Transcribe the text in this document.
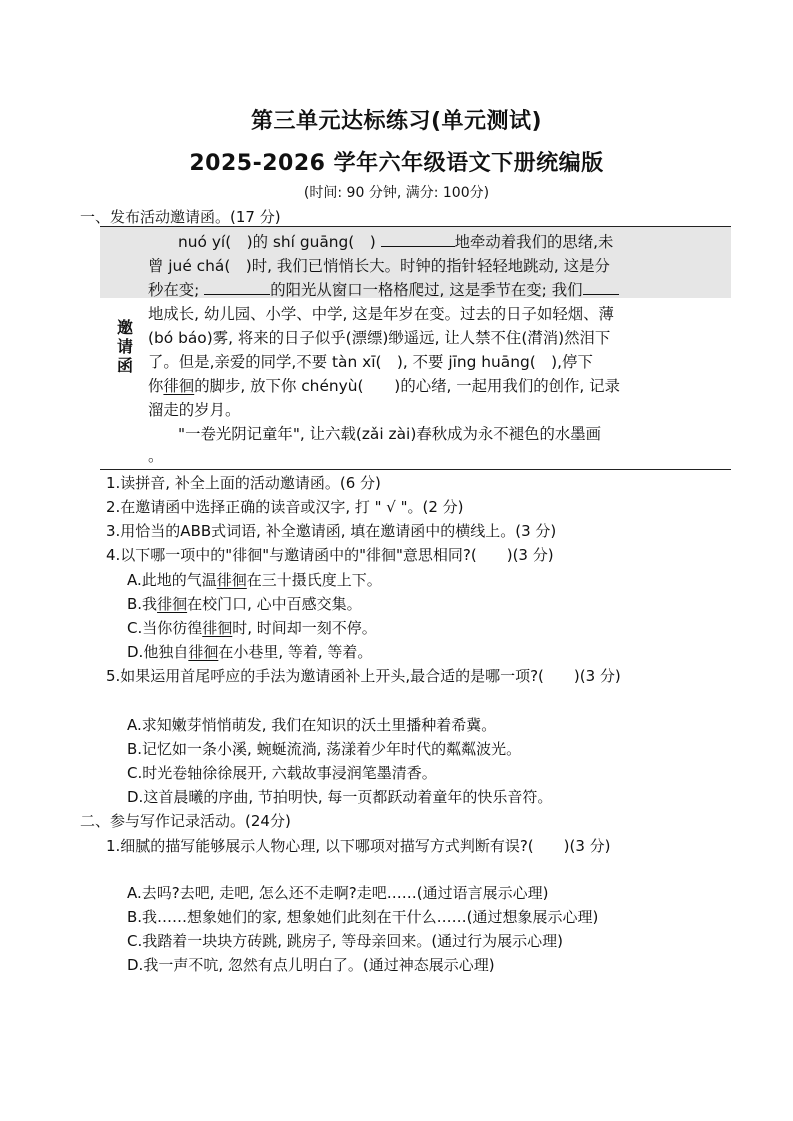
第三单元达标练习(单元测试)
2025-2026 学年六年级语文下册统编版
(时间: 90 分钟, 满分: 100分)
一、发布活动邀请函。(17 分)
邀
请
函
nuó yí(　)的 shí guāng(　)	地牵动着我们的思绪,未
曾 jué chá(　)时, 我们已悄悄长大。时钟的指针轻轻地跳动, 这是分
秒在变;	的阳光从窗口一格格爬过, 这是季节在变; 我们
地成长, 幼儿园、小学、中学, 这是年岁在变。过去的日子如轻烟、薄
(bó báo)雾, 将来的日子似乎(漂缥)缈遥远, 让人禁不住(潸消)然泪下
了。但是,亲爱的同学,不要 tàn xī(　), 不要 jīng huāng(　),停下
你徘徊的脚步, 放下你 chényù(　　)的心绪, 一起用我们的创作, 记录
溜走的岁月。
"一卷光阴记童年", 让六载(zǎi zài)春秋成为永不褪色的水墨画
。
1.读拼音, 补全上面的活动邀请函。(6 分)
2.在邀请函中选择正确的读音或汉字, 打 " √ "。(2 分)
3.用恰当的ABB式词语, 补全邀请函, 填在邀请函中的横线上。(3 分)
4.以下哪一项中的"徘徊"与邀请函中的"徘徊"意思相同?(　　)(3 分)
A.此地的气温徘徊在三十摄氏度上下。
B.我徘徊在校门口, 心中百感交集。
C.当你彷徨徘徊时, 时间却一刻不停。
D.他独自徘徊在小巷里, 等着, 等着。
5.如果运用首尾呼应的手法为邀请函补上开头,最合适的是哪一项?(　　)(3 分)
A.求知嫩芽悄悄萌发, 我们在知识的沃土里播种着希冀。
B.记忆如一条小溪, 蜿蜒流淌, 荡漾着少年时代的粼粼波光。
C.时光卷轴徐徐展开, 六载故事浸润笔墨清香。
D.这首晨曦的序曲, 节拍明快, 每一页都跃动着童年的快乐音符。
二、参与写作记录活动。(24分)
1.细腻的描写能够展示人物心理, 以下哪项对描写方式判断有误?(　　)(3 分)
A.去吗?去吧, 走吧, 怎么还不走啊?走吧……(通过语言展示心理)
B.我……想象她们的家, 想象她们此刻在干什么……(通过想象展示心理)
C.我踏着一块块方砖跳, 跳房子, 等母亲回来。(通过行为展示心理)
D.我一声不吭, 忽然有点儿明白了。(通过神态展示心理)
